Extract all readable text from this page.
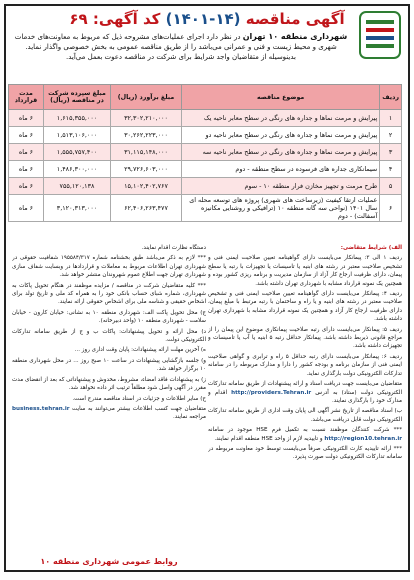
آگهی مناقصه (۱۴-۱۴۰۱) کد آگهی: ۶۹
شهرداری منطقه ۱۰ تهران در نظر دارد اجرای عملیات‌های مشروحه ذیل که مربوط به معاونت‌های خدمات شهری و محیط زیست و فنی و عمرانی می‌باشد را از طریق مناقصه عمومی به بخش خصوصی واگذار نماید. بدینوسیله از متقاضیان واجد شرایط برای شرکت در مناقصه دعوت بعمل می‌آید.
ردیف	موضوع مناقصه	مبلغ برآورد (ریال)	مبلغ سپرده شرکت در مناقصه (ریال)	مدت قرارداد
۱	پیرایش و مرمت نماها و جداره های رنگی در سطح معابر ناحیه یک	۳۲,۳۰۲,۲۱۰,۰۰۰	۱,۶۱۵,۳۵۵,۰۰۰	۶ ماه
۲	پیرایش و مرمت نماها و جداره های رنگی در سطح معابر ناحیه دو	۳۰,۲۶۲,۲۲۳,۰۰۰	۱,۵۱۳,۱۰۶,۰۰۰	۶ ماه
۳	پیرایش و مرمت نماها و جداره های رنگی در سطح معابر ناحیه سه	۳۱,۱۱۵,۱۴۸,۰۰۰	۱,۵۵۵,۷۵۷,۴۰۰	۶ ماه
۴	سیمانکاری جداره های فرسوده در سطح منطقه - دوم	۲۹,۷۲۶,۶۰۳,۰۰۰	۱,۴۸۶,۳۰۰,۰۰۰	۶ ماه
۵	طرح مرمت و تجهیز مخازن فرار منطقه ۱۰ - سوم	۱۵,۱۰۲,۴۰۲,۷۶۷	۷۵۵,۱۲۰,۱۳۸	۶ ماه
۶	عملیات ارتقا کیفیت (زیرساخت های شهری) پروژه های توسعه محله ای سال ۱۴۰۱ (نواحی سه گانه منطقه ۱۰ (ترافیکی و روشنایی مکانیزه آسفالت) - دوم	۶۲,۴۰۶,۲۶۳,۴۷۷	۳,۱۲۰,۳۱۳,۰۰۰	۶ ماه

الف) شرایط متقاضی:

ردیف ۱ الی ۳: پیمانکار می‌بایست دارای گواهینامه تعیین صلاحیت ایمنی فنی و تشخیص صلاحیت معتبر در رشته های ابنیه یا تاسیسات یا تجهیزات با رتبه یا سطح پیمان، دارای ظرفیت ارجاع کار آزاد از سازمان مدیریت و برنامه ریزی کشور بوده و همچنین یک نمونه قرارداد مشابه با شهرداری تهران داشته باشد.

ردیف ۴: پیمانکار می‌بایست دارای گواهینامه تعیین صلاحیت ایمنی فنی و تشخیص صلاحیت معتبر در رشته های ابنیه و یا راه و ساختمان با رتبه مرتبط با مبلغ پیمان، دارای ظرفیت ارجاع کار آزاد و همچنین یک نمونه قرارداد مشابه با شهرداری تهران داشته باشد.

ردیف ۵: پیمانکار می‌بایست دارای رتبه صلاحیت پیمانکاری موضوع این پیمان را از مراجع قانونی ذیربط داشته باشد. پیمانکار حداقل رتبه ۵ ابنیه یا آب یا تاسیسات و تجهیزات داشته باشد.

ردیف ۶: پیمانکار می‌بایست دارای رتبه حداقل ۵ راه و ترابری و گواهی صلاحیت ایمنی فنی از سازمان برنامه و بودجه کشور را دارا و مدارک مربوطه را در سامانه تدارکات الکترونیکی دولت بارگذاری نماید.

متقاضیان می‌بایست جهت دریافت اسناد و ارائه پیشنهادات از طریق سامانه تدارکات الکترونیکی دولت (ستاد) به آدرس http://providers.Tehran.ir اقدام و مدارک خود را بارگذاری نمایند.

ب) اسناد مناقصه از تاریخ نشر آگهی الی پایان وقت اداری از طریق سامانه تدارکات الکترونیکی دولت قابل دریافت می‌باشد.

*** شرکت کنندگان موظفند نسبت به تکمیل فرم HSE موجود در سامانه http://region10.tehran.ir و تاییدیه لازم از واحد HSE منطقه اقدام نمایند.

*** ارائه تاییدیه کارت الکترونیکی صرفاً می‌بایست توسط خود معاونت مربوطه در سامانه تدارکات الکترونیکی دولت صورت پذیرد.

دستگاه نظارت اقدام نمایند.

*** لازم به ذکر می‌باشد طبق بخشنامه شماره ۱۹۵۵۸۴/۳۱۷ شفافیت حقوقی در شهرداری تهران اطلاعات مربوط به معاملات و قراردادها در وبسایت شفاف سازی شهرداری تهران جهت اطلاع عموم شهروندان منتشر خواهد شد.

*** کلیه متقاضیان شرکت در مناقصه / مزایده موظفند در هنگام تحویل پاکات به شهرداری، شماره شبای حساب بانکی خود را به همراه کد ملی و تاریخ تولد برای اشخاص حقیقی و شناسه ملی برای اشخاص حقوقی ارائه نمایند.

ج) محل تحویل پاکت الف: شهرداری منطقه ۱۰ به نشانی: خیابان کارون - خیابان سلامت - شهرداری منطقه ۱۰ (واحد دبیرخانه).

د) محل ارائه و تحویل پیشنهادات: پاکات ب و ج از طریق سامانه تدارکات الکترونیکی دولت.

ه) آخرین مهلت ارائه پیشنهادات: پایان وقت اداری روز ...

و) جلسه بازگشایی پیشنهادات در ساعت ۱۰ صبح روز ... در محل شهرداری منطقه ۱۰ برگزار خواهد شد.

ز) به پیشنهادات فاقد امضاء، مشروط، مخدوش و پیشنهاداتی که بعد از انقضای مدت مقرر در آگهی واصل شود مطلقاً ترتیب اثر داده نخواهد شد.

ح) سایر اطلاعات و جزئیات در اسناد مناقصه مندرج است.

متقاضیان جهت کسب اطلاعات بیشتر می‌توانند به سایت business.tehran.ir مراجعه نمایند.

روابط عمومی شهرداری منطقه ۱۰
